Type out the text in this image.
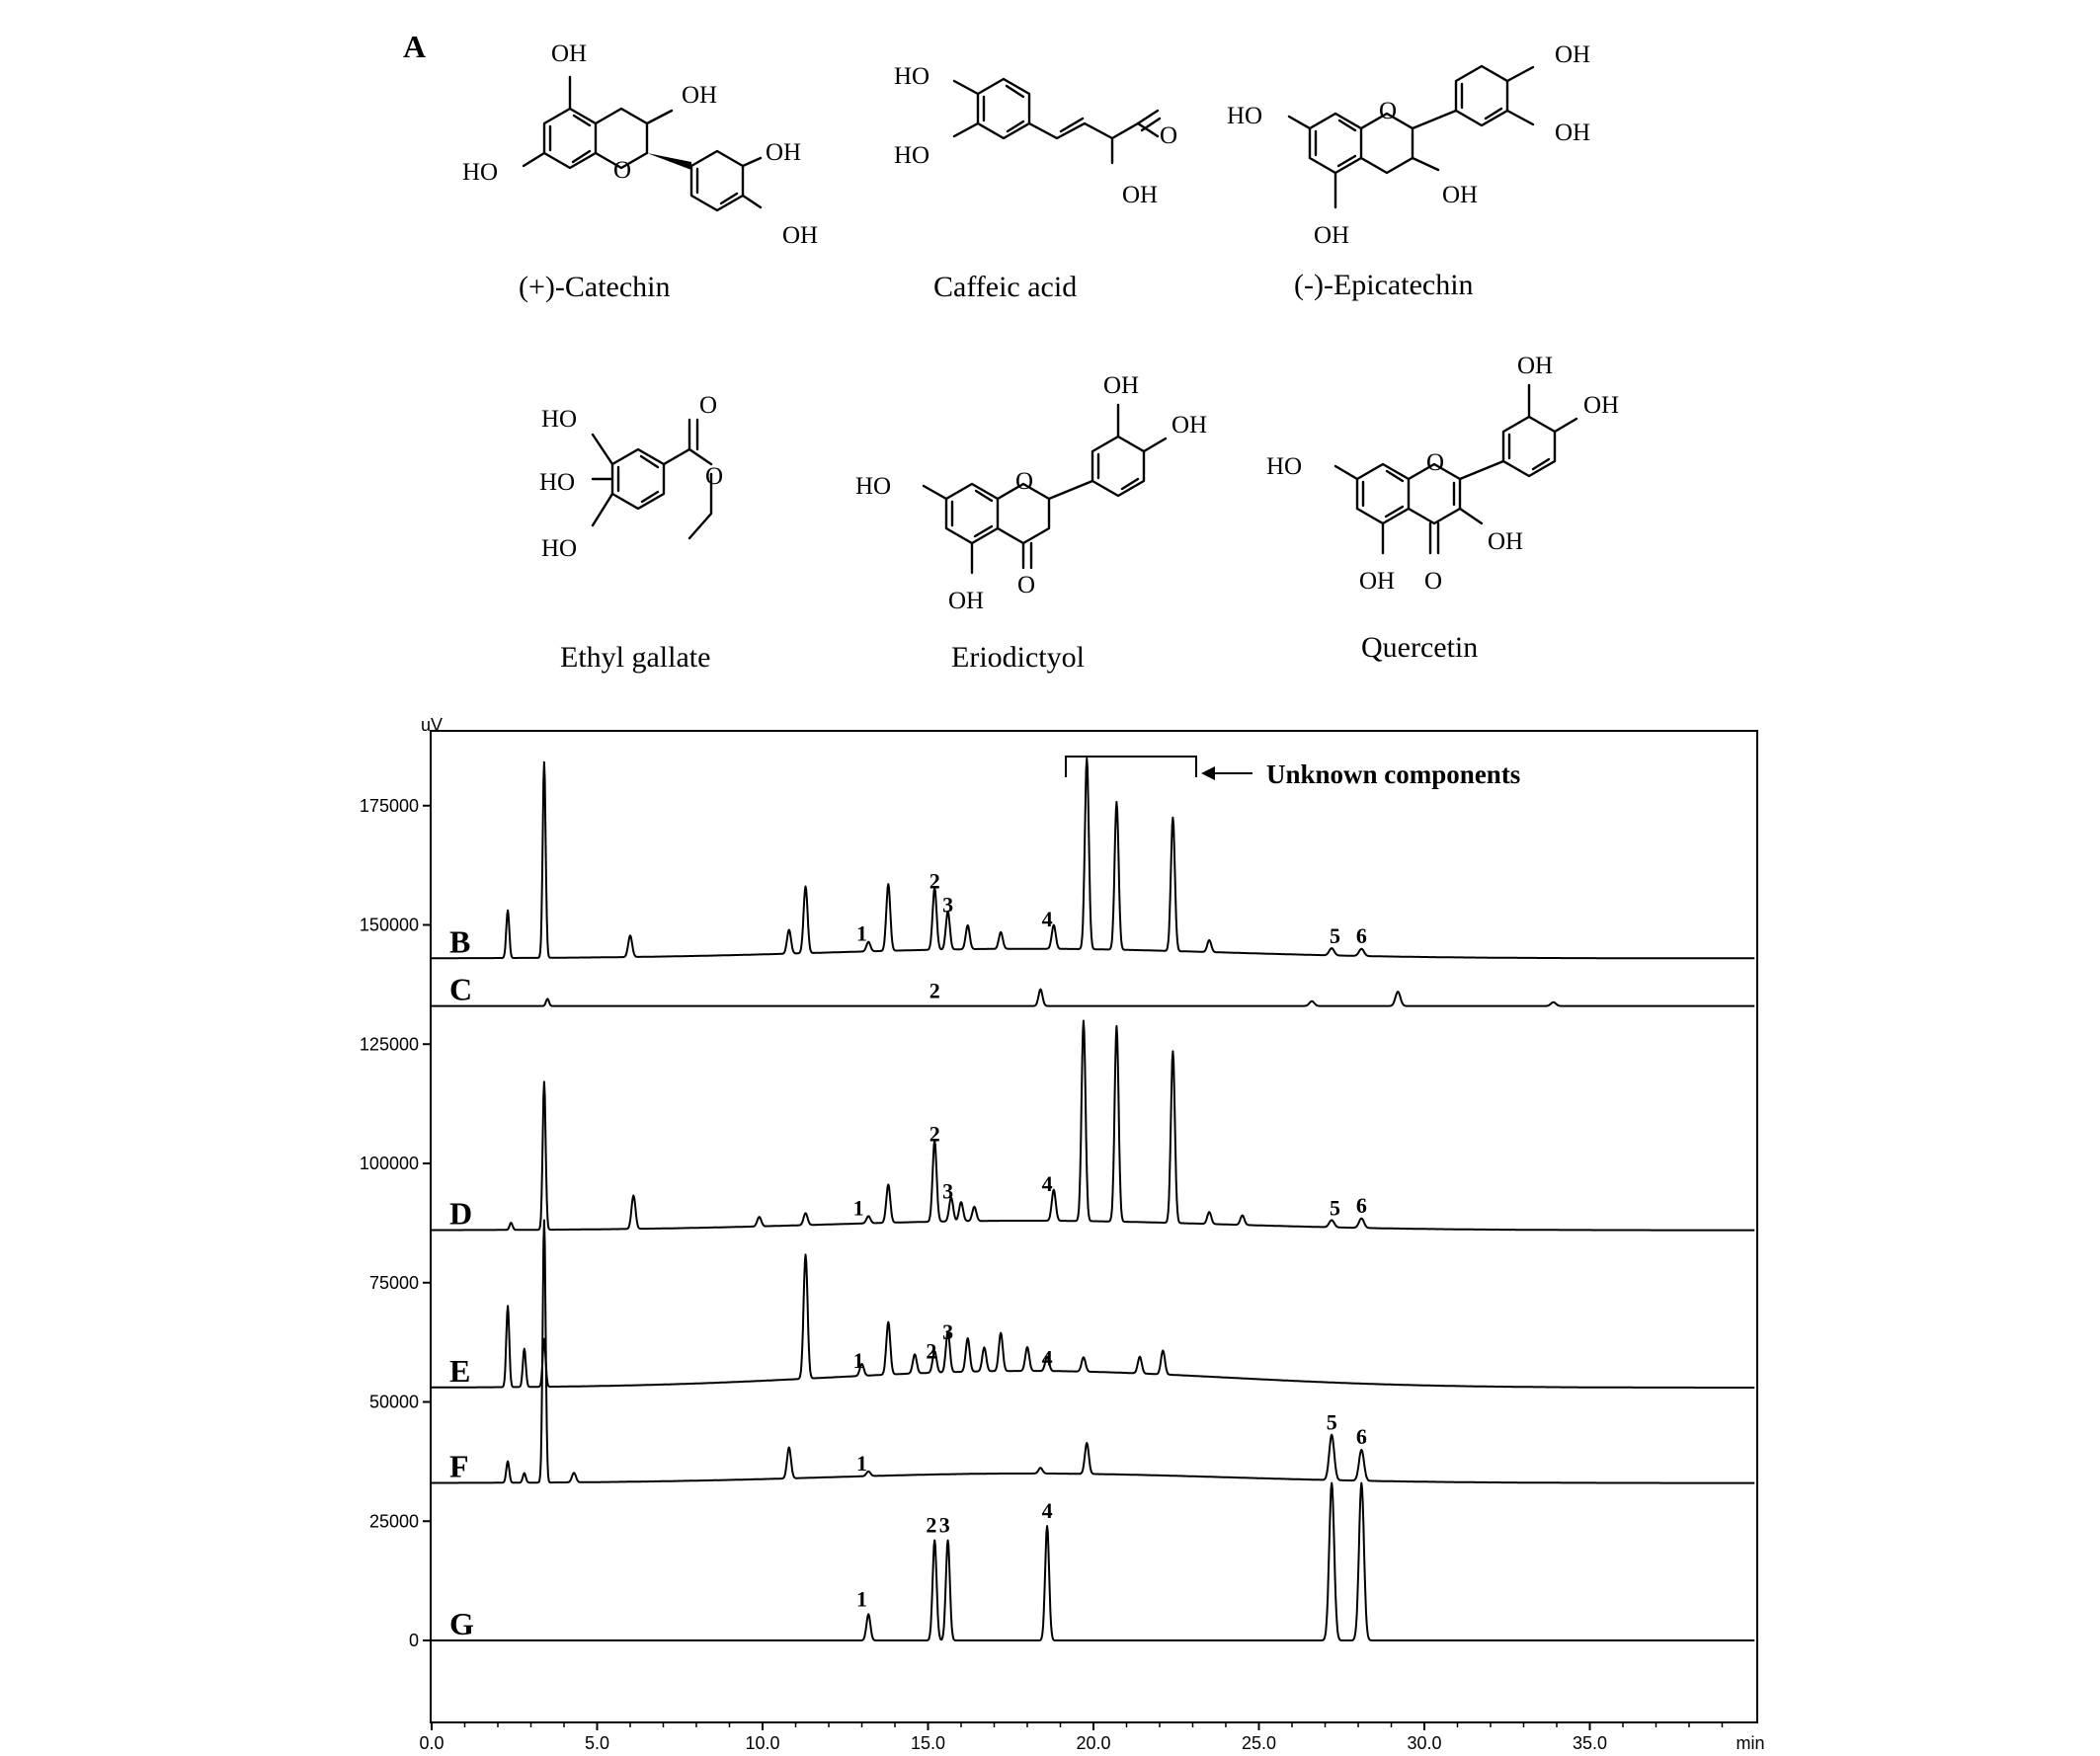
A	OH
OH
HO	O
OH
OH
(+)-Catechin
HO
HO
O
OH
Caffeic acid
HO	O
OH
OH
OH
OH
(-)-Epicatechin
HO
HO
HO
O
O
Ethyl gallate
HO	O
OH
O
OH
OH
Eriodictyol
HO	O
OH O
OH
OH
OH
Quercetin
uV
175000
150000
125000
100000
75000
50000
25000
0
0.0	5.0	10.0	15.0	20.0	25.0	30.0	35.0	min
1
2
3
4
5 6
2
1
2
3	4
5 6
1	2
3
4
1
5
6
1
2 3
4
B
C
D
E
F
G
Unknown components
